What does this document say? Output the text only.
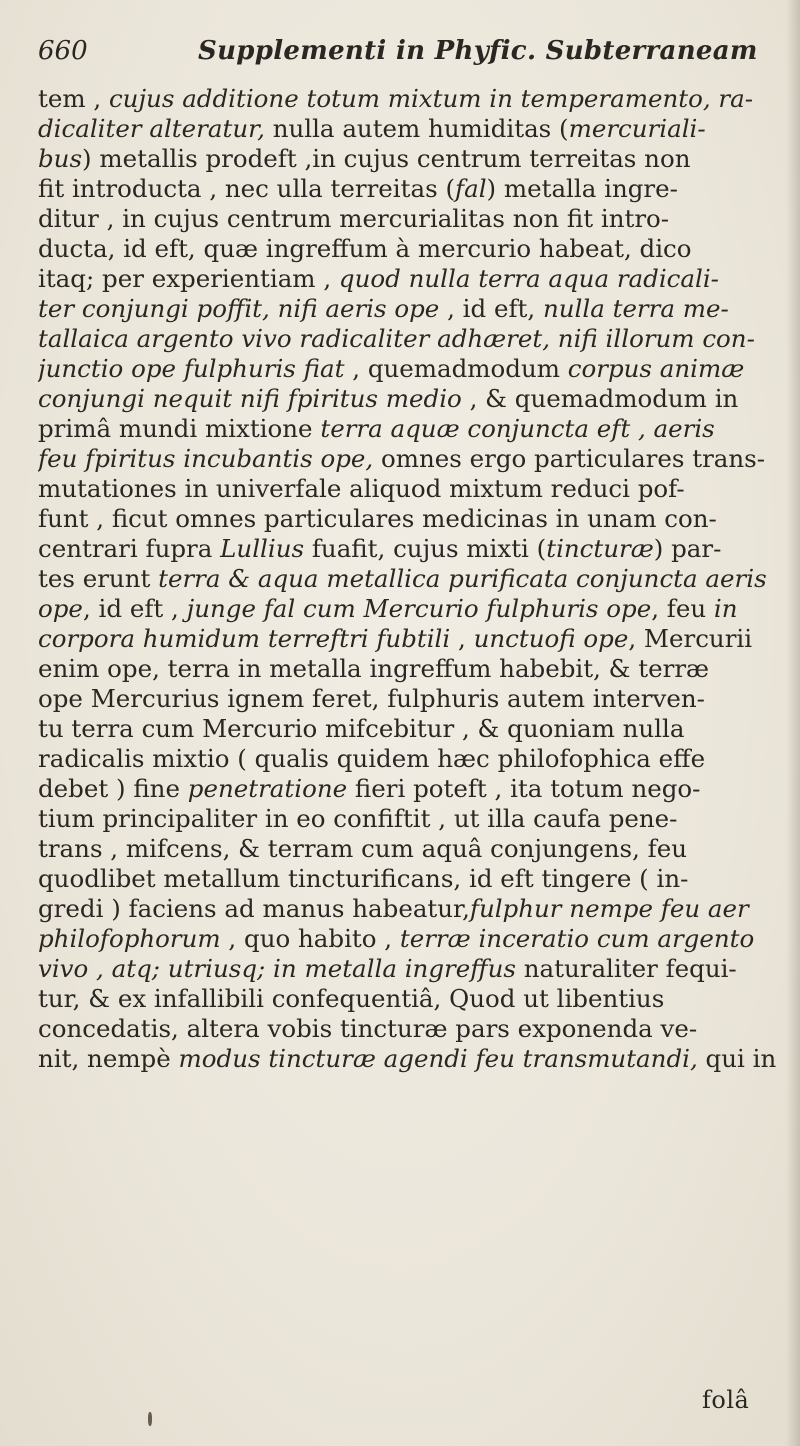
660	Supplementi in Phyfic. Subterraneam
tem , cujus additione totum mixtum in temperamento, ra-
dicaliter alteratur, nulla autem humiditas (mercuriali-
bus) metallis prodeft ,in cujus centrum terreitas non
fit introducta , nec ulla terreitas (fal) metalla ingre-
ditur , in cujus centrum mercurialitas non fit intro-
ducta, id eft, quæ ingreffum à mercurio habeat, dico
itaq; per experientiam , quod nulla terra aqua radicali-
ter conjungi poffit, nifi aeris ope , id eft, nulla terra me-
tallaica argento vivo radicaliter adhæret, nifi illorum con-
junctio ope fulphuris fiat , quemadmodum corpus animæ
conjungi nequit nifi fpiritus medio , & quemadmodum in
primâ mundi mixtione terra aquæ conjuncta eft , aeris
feu fpiritus incubantis ope, omnes ergo particulares trans-
mutationes in univerfale aliquod mixtum reduci pof-
funt , ficut omnes particulares medicinas in unam con-
centrari fupra Lullius fuafit, cujus mixti (tincturæ) par-
tes erunt terra & aqua metallica purificata conjuncta aeris
ope, id eft , junge fal cum Mercurio fulphuris ope, feu in
corpora humidum terreftri fubtili , unctuofi ope, Mercurii
enim ope, terra in metalla ingreffum habebit, & terræ
ope Mercurius ignem feret, fulphuris autem interven-
tu terra cum Mercurio mifcebitur , & quoniam nulla
radicalis mixtio ( qualis quidem hæc philofophica effe
debet ) fine penetratione fieri poteft , ita totum nego-
tium principaliter in eo confiftit , ut illa caufa pene-
trans , mifcens, & terram cum aquâ conjungens, feu
quodlibet metallum tincturificans, id eft tingere ( in-
gredi ) faciens ad manus habeatur,fulphur nempe feu aer
philofophorum , quo habito , terræ inceratio cum argento
vivo , atq; utriusq; in metalla ingreffus naturaliter fequi-
tur, & ex infallibili confequentiâ, Quod ut libentius
concedatis, altera vobis tincturæ pars exponenda ve-
nit, nempè modus tincturæ agendi feu transmutandi, qui in
folâ
